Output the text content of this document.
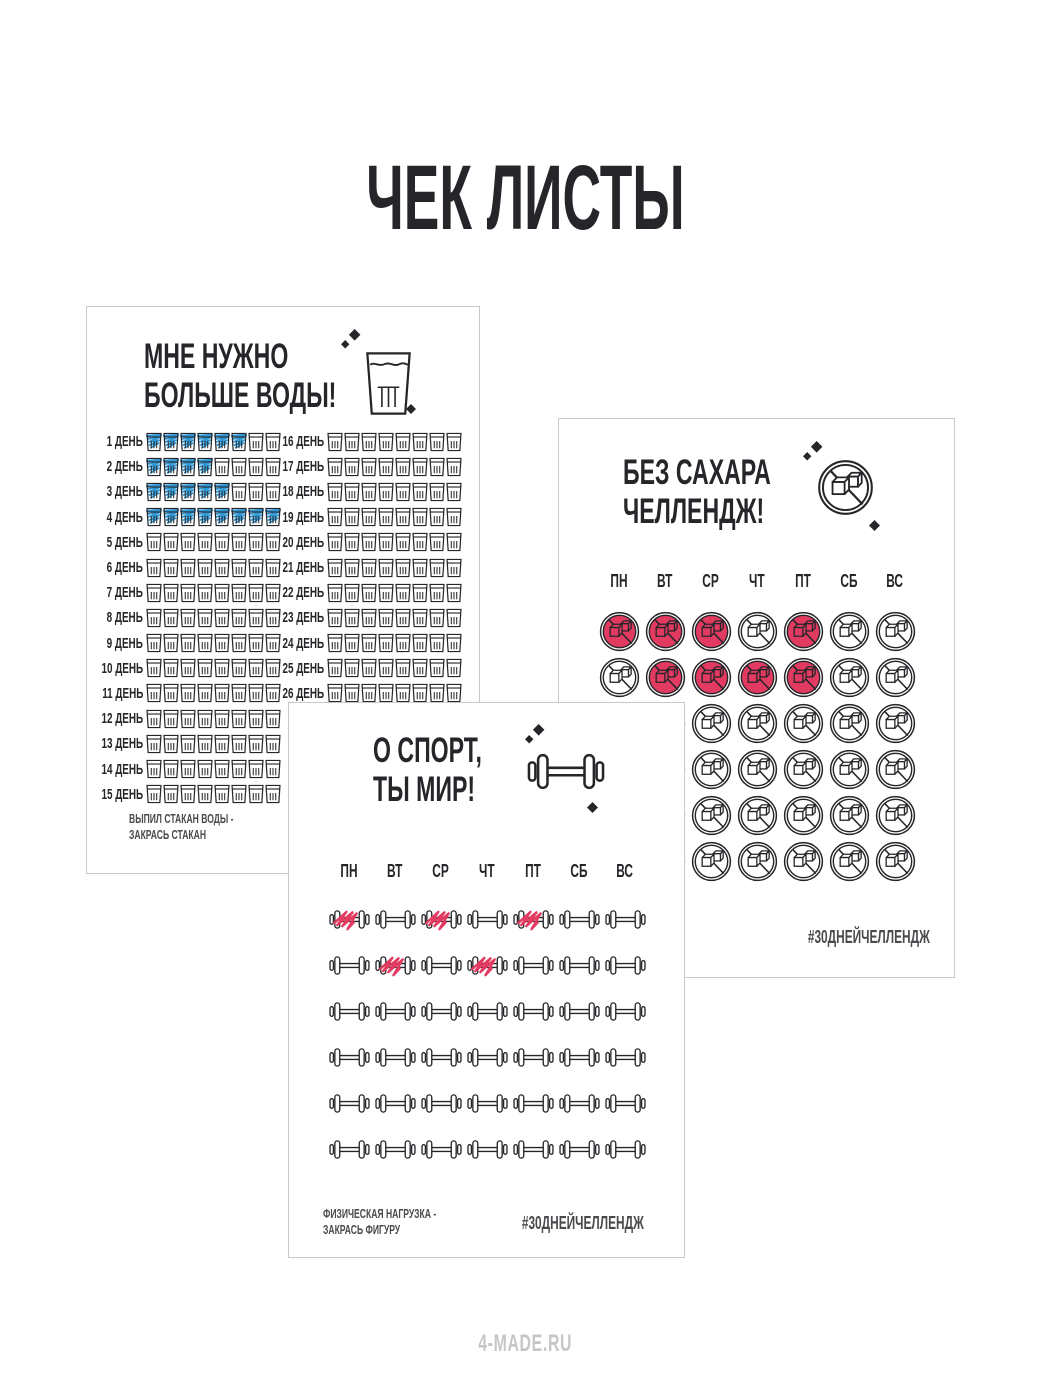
ЧЕК ЛИСТЫ
МНЕ НУЖНО
БОЛЬШЕ ВОДЫ!
1 ДЕНЬ
2 ДЕНЬ
3 ДЕНЬ
4 ДЕНЬ
5 ДЕНЬ
6 ДЕНЬ
7 ДЕНЬ
8 ДЕНЬ
9 ДЕНЬ
10 ДЕНЬ
11 ДЕНЬ
12 ДЕНЬ
13 ДЕНЬ
14 ДЕНЬ
15 ДЕНЬ
16 ДЕНЬ
17 ДЕНЬ
18 ДЕНЬ
19 ДЕНЬ
20 ДЕНЬ
21 ДЕНЬ
22 ДЕНЬ
23 ДЕНЬ
24 ДЕНЬ
25 ДЕНЬ
26 ДЕНЬ
ВЫПИЛ СТАКАН ВОДЫ -
ЗАКРАСЬ СТАКАН
БЕЗ САХАРА
ЧЕЛЛЕНДЖ!
ПН	ВТ	СР	ЧТ	ПТ	СБ	ВС
#30ДНЕЙЧЕЛЛЕНДЖ
О СПОРТ,
ТЫ МИР!
ПН	ВТ	СР	ЧТ	ПТ	СБ	ВС
ФИЗИЧЕСКАЯ НАГРУЗКА -
ЗАКРАСЬ ФИГУРУ	#30ДНЕЙЧЕЛЛЕНДЖ
4-MADE.RU
